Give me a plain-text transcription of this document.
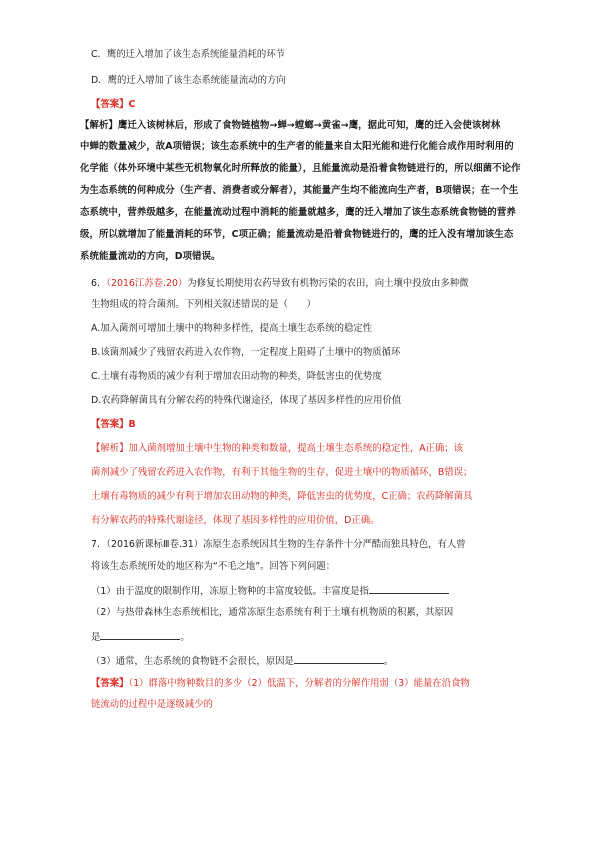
C．鹰的迁入增加了该生态系统能量消耗的环节
D．鹰的迁入增加了该生态系统能量流动的方向
【答案】C
【解析】鹰迁入该树林后，形成了食物链植物→蝉→螳螂→黄雀→鹰，据此可知，鹰的迁入会使该树林
中蝉的数量减少，故A项错误；该生态系统中的生产者的能量来自太阳光能和进行化能合成作用时利用的
化学能（体外环境中某些无机物氧化时所释放的能量），且能量流动是沿着食物链进行的，所以细菌不论作
为生态系统的何种成分（生产者、消费者或分解者），其能量产生均不能流向生产者，B项错误；在一个生
态系统中，营养级越多，在能量流动过程中消耗的能量就越多，鹰的迁入增加了该生态系统食物链的营养
级，所以就增加了能量消耗的环节，C项正确；能量流动是沿着食物链进行的，鹰的迁入没有增加该生态
系统能量流动的方向，D项错误。
6．（2016江苏卷.20）为修复长期使用农药导致有机物污染的农田，向土壤中投放由多种微
生物组成的符合菌剂。下列相关叙述错误的是（　　）
A.加入菌剂可增加土壤中的物种多样性，提高土壤生态系统的稳定性
B.该菌剂减少了残留农药进入农作物，一定程度上阻碍了土壤中的物质循环
C.土壤有毒物质的减少有利于增加农田动物的种类，降低害虫的优势度
D.农药降解菌具有分解农药的特殊代谢途径，体现了基因多样性的应用价值
【答案】B
【解析】加入菌剂增加土壤中生物的种类和数量，提高土壤生态系统的稳定性，A正确；该
菌剂减少了残留农药进入农作物，有利于其他生物的生存，促进土壤中的物质循环，B错误；
土壤有毒物质的减少有利于增加农田动物的种类，降低害虫的优势度，C正确；农药降解菌具
有分解农药的特殊代谢途径，体现了基因多样性的应用价值，D正确。
7．（2016新课标Ⅲ卷.31）冻原生态系统因其生物的生存条件十分严酷而独具特色，有人曾
将该生态系统所处的地区称为“不毛之地”。回答下列问题：
（1）由于温度的限制作用，冻原上物种的丰富度较低。丰富度是指
（2）与热带森林生态系统相比，通常冻原生态系统有利于土壤有机物质的积累，其原因
是	。
（3）通常，生态系统的食物链不会很长，原因是	。
【答案】（1）群落中物种数目的多少（2）低温下，分解者的分解作用弱（3）能量在沿食物
链流动的过程中是逐级减少的
